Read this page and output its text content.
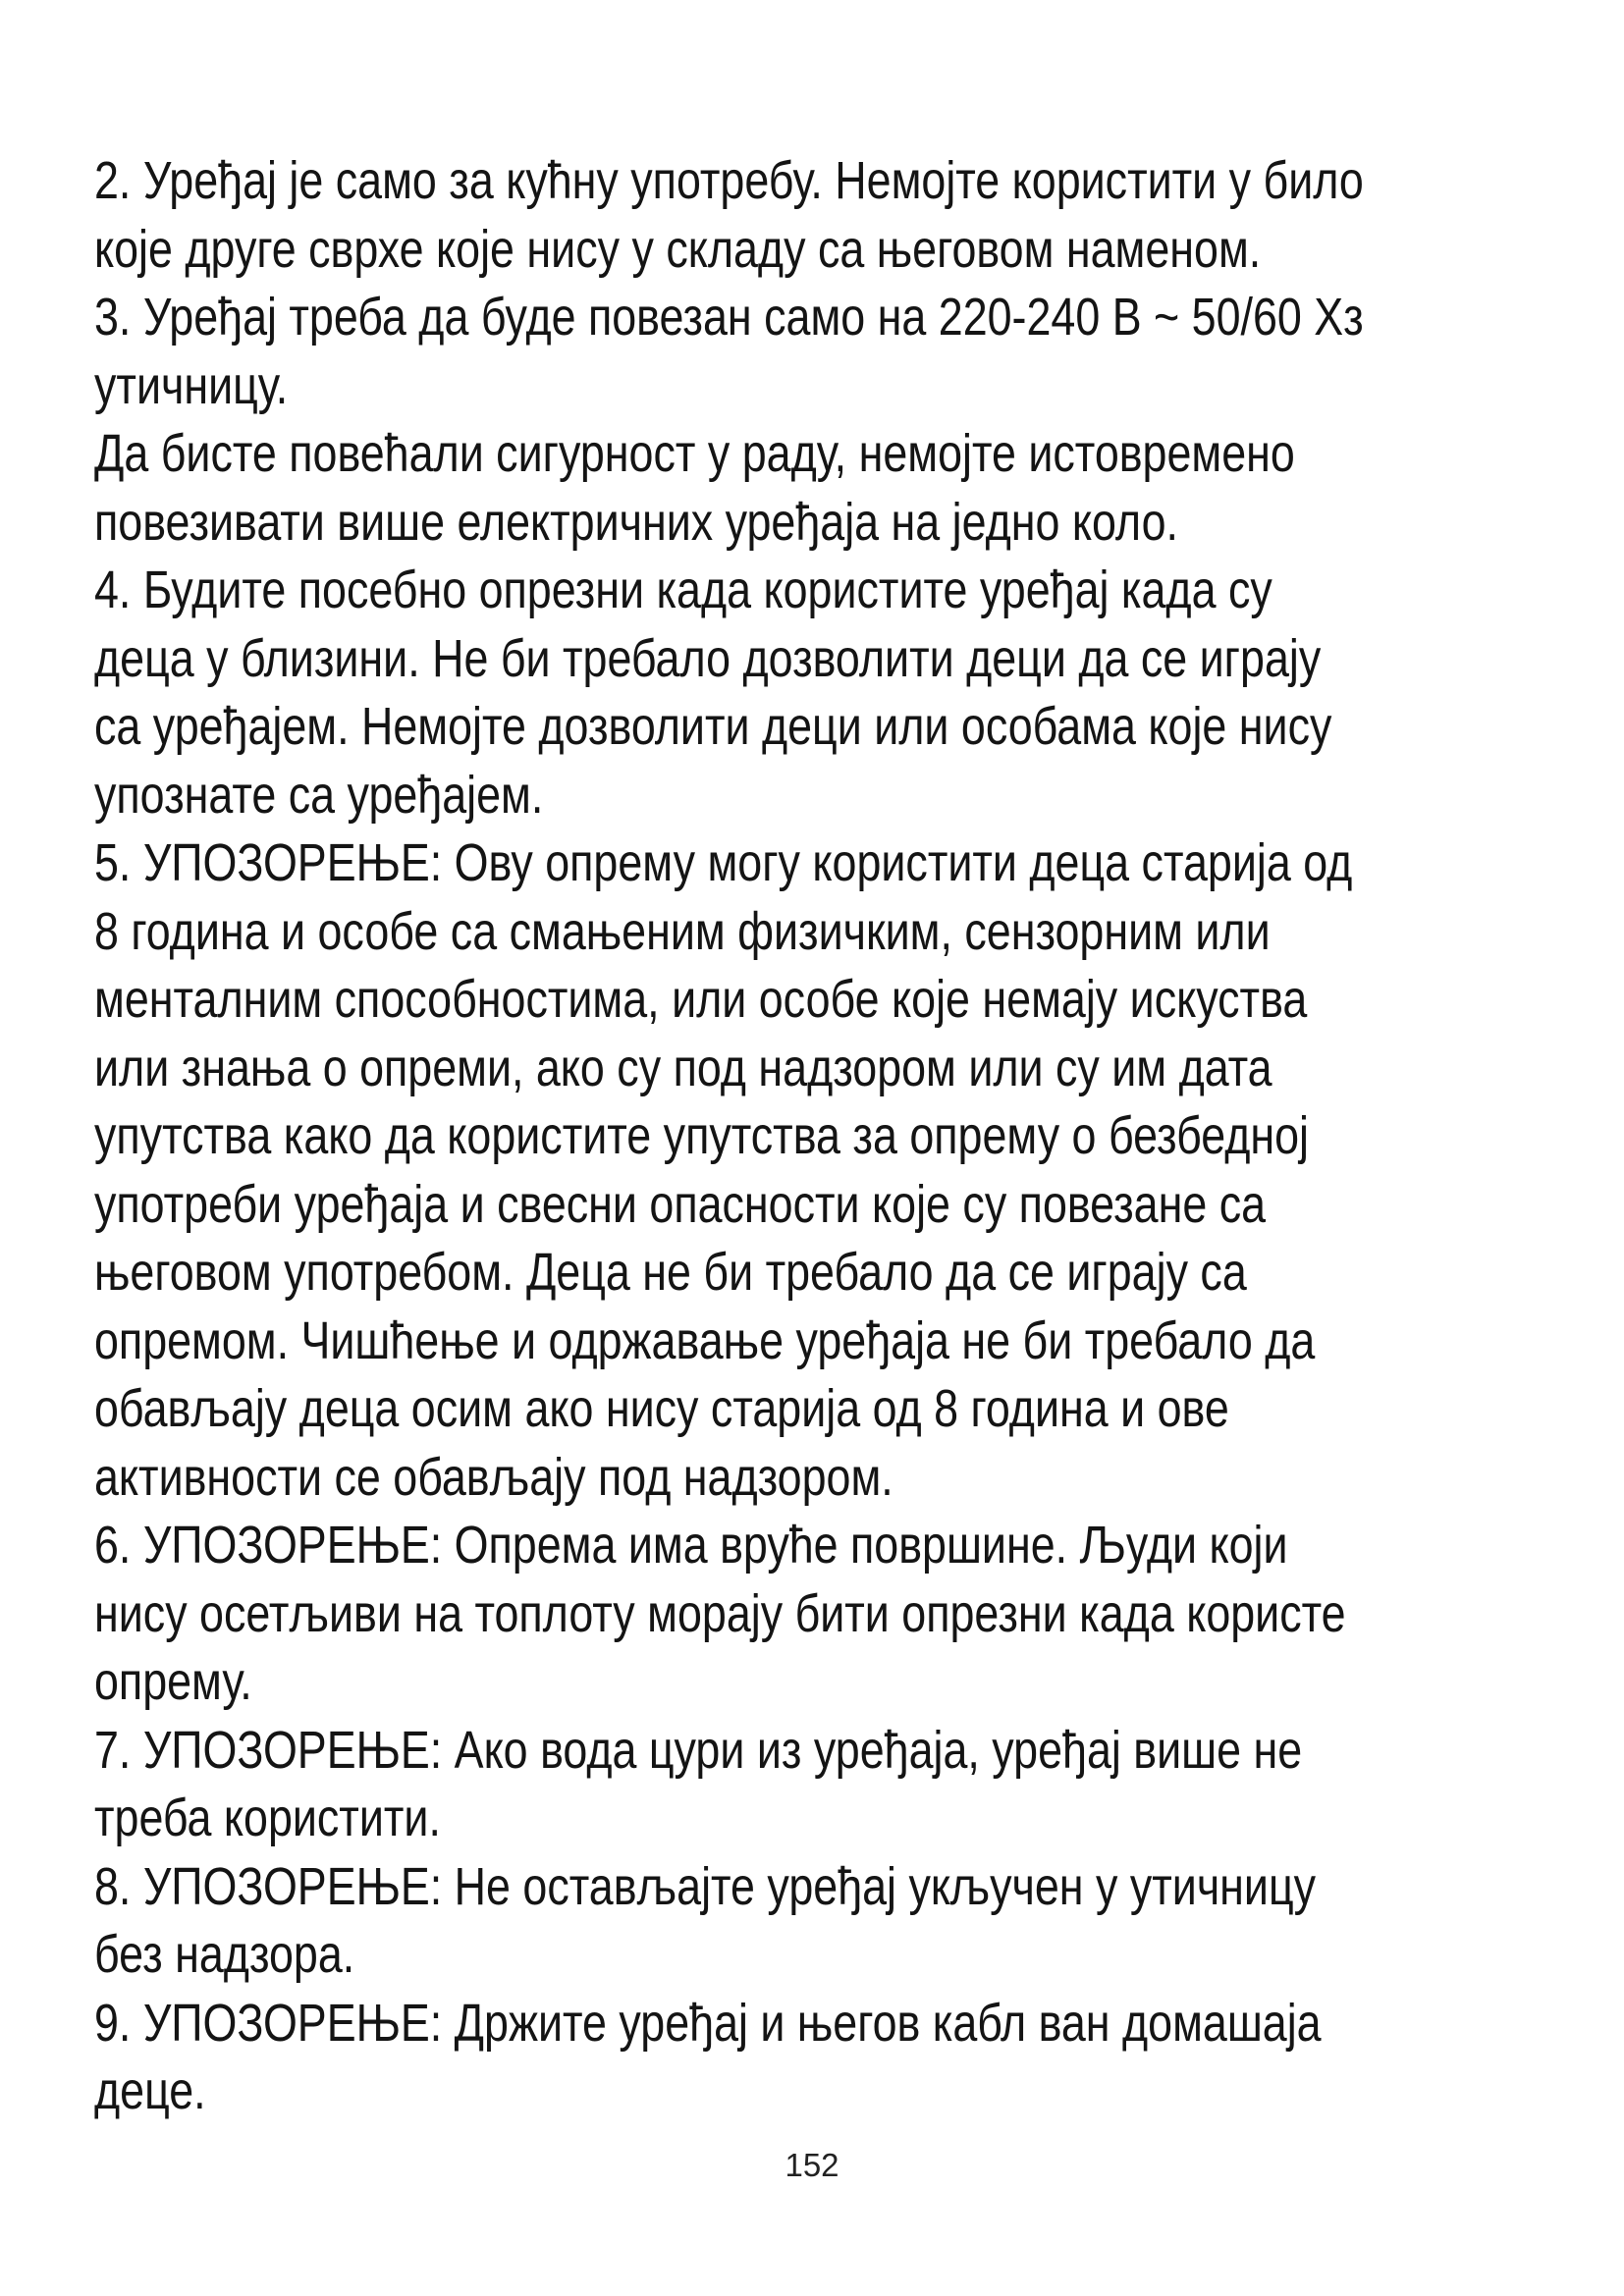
2. Уређај је само за кућну употребу. Немојте користити у било
које друге сврхе које нису у складу са његовом наменом.

3. Уређај треба да буде повезан само на 220-240 В ~ 50/60 Хз
утичницу.

Да бисте повећали сигурност у раду, немојте истовремено
повезивати више електричних уређаја на једно коло.

4. Будите посебно опрезни када користите уређај када су
деца у близини. Не би требало дозволити деци да се играју
са уређајем. Немојте дозволити деци или особама које нису
упознате са уређајем.

5. УПОЗОРЕЊЕ: Ову опрему могу користити деца старија од
8 година и особе са смањеним физичким, сензорним или
менталним способностима, или особе које немају искуства
или знања о опреми, ако су под надзором или су им дата
упутства како да користите упутства за опрему о безбедној
употреби уређаја и свесни опасности које су повезане са
његовом употребом. Деца не би требало да се играју са
опремом. Чишћење и одржавање уређаја не би требало да
обављају деца осим ако нису старија од 8 година и ове
активности се обављају под надзором.

6. УПОЗОРЕЊЕ: Опрема има вруће површине. Људи који
нису осетљиви на топлоту морају бити опрезни када користе
опрему.

7. УПОЗОРЕЊЕ: Ако вода цури из уређаја, уређај више не
треба користити.

8. УПОЗОРЕЊЕ: Не остављајте уређај укључен у утичницу
без надзора.

9. УПОЗОРЕЊЕ: Држите уређај и његов кабл ван домашаја
деце.

152
